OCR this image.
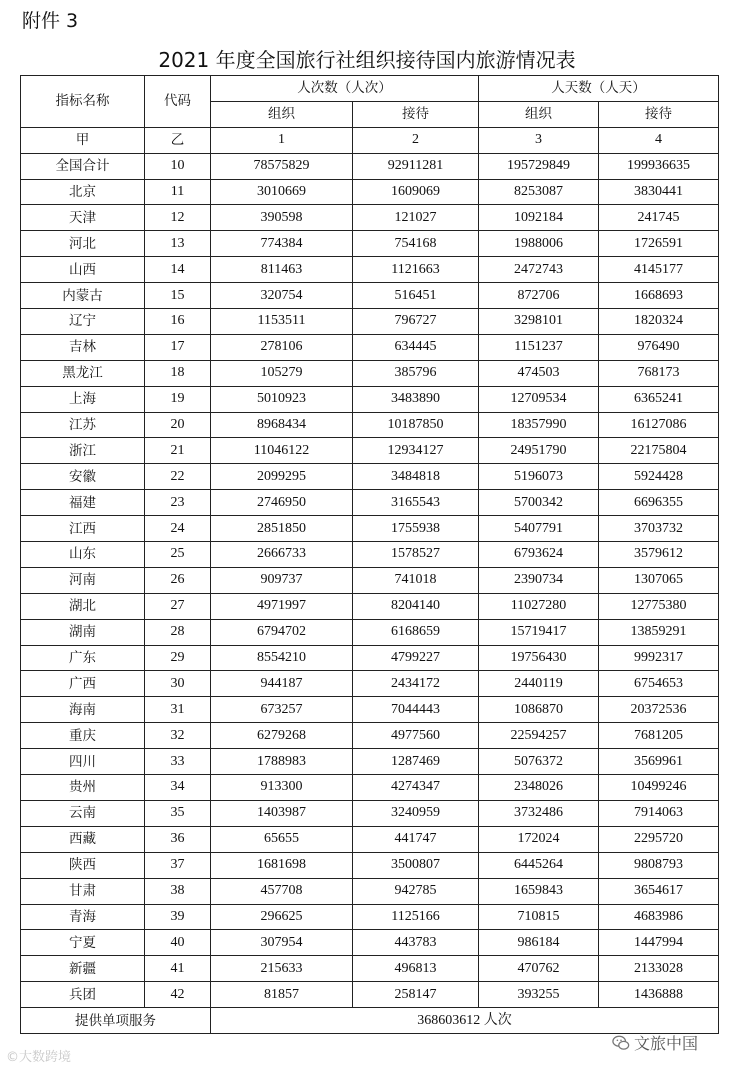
附件 3
2021 年度全国旅行社组织接待国内旅游情况表
指标名称	代码	人次数（人次）		人天数（人天）	
		组织	接待	组织	接待
甲	乙	1	2	3	4
全国合计	10	78575829	92911281	195729849	199936635
北京	11	3010669	1609069	8253087	3830441
天津	12	390598	121027	1092184	241745
河北	13	774384	754168	1988006	1726591
山西	14	811463	1121663	2472743	4145177
内蒙古	15	320754	516451	872706	1668693
辽宁	16	1153511	796727	3298101	1820324
吉林	17	278106	634445	1151237	976490
黑龙江	18	105279	385796	474503	768173
上海	19	5010923	3483890	12709534	6365241
江苏	20	8968434	10187850	18357990	16127086
浙江	21	11046122	12934127	24951790	22175804
安徽	22	2099295	3484818	5196073	5924428
福建	23	2746950	3165543	5700342	6696355
江西	24	2851850	1755938	5407791	3703732
山东	25	2666733	1578527	6793624	3579612
河南	26	909737	741018	2390734	1307065
湖北	27	4971997	8204140	11027280	12775380
湖南	28	6794702	6168659	15719417	13859291
广东	29	8554210	4799227	19756430	9992317
广西	30	944187	2434172	2440119	6754653
海南	31	673257	7044443	1086870	20372536
重庆	32	6279268	4977560	22594257	7681205
四川	33	1788983	1287469	5076372	3569961
贵州	34	913300	4274347	2348026	10499246
云南	35	1403987	3240959	3732486	7914063
西藏	36	65655	441747	172024	2295720
陕西	37	1681698	3500807	6445264	9808793
甘肃	38	457708	942785	1659843	3654617
青海	39	296625	1125166	710815	4683986
宁夏	40	307954	443783	986184	1447994
新疆	41	215633	496813	470762	2133028
兵团	42	81857	258147	393255	1436888
提供单项服务		368603612 人次			
©大数跨境
文旅中国
